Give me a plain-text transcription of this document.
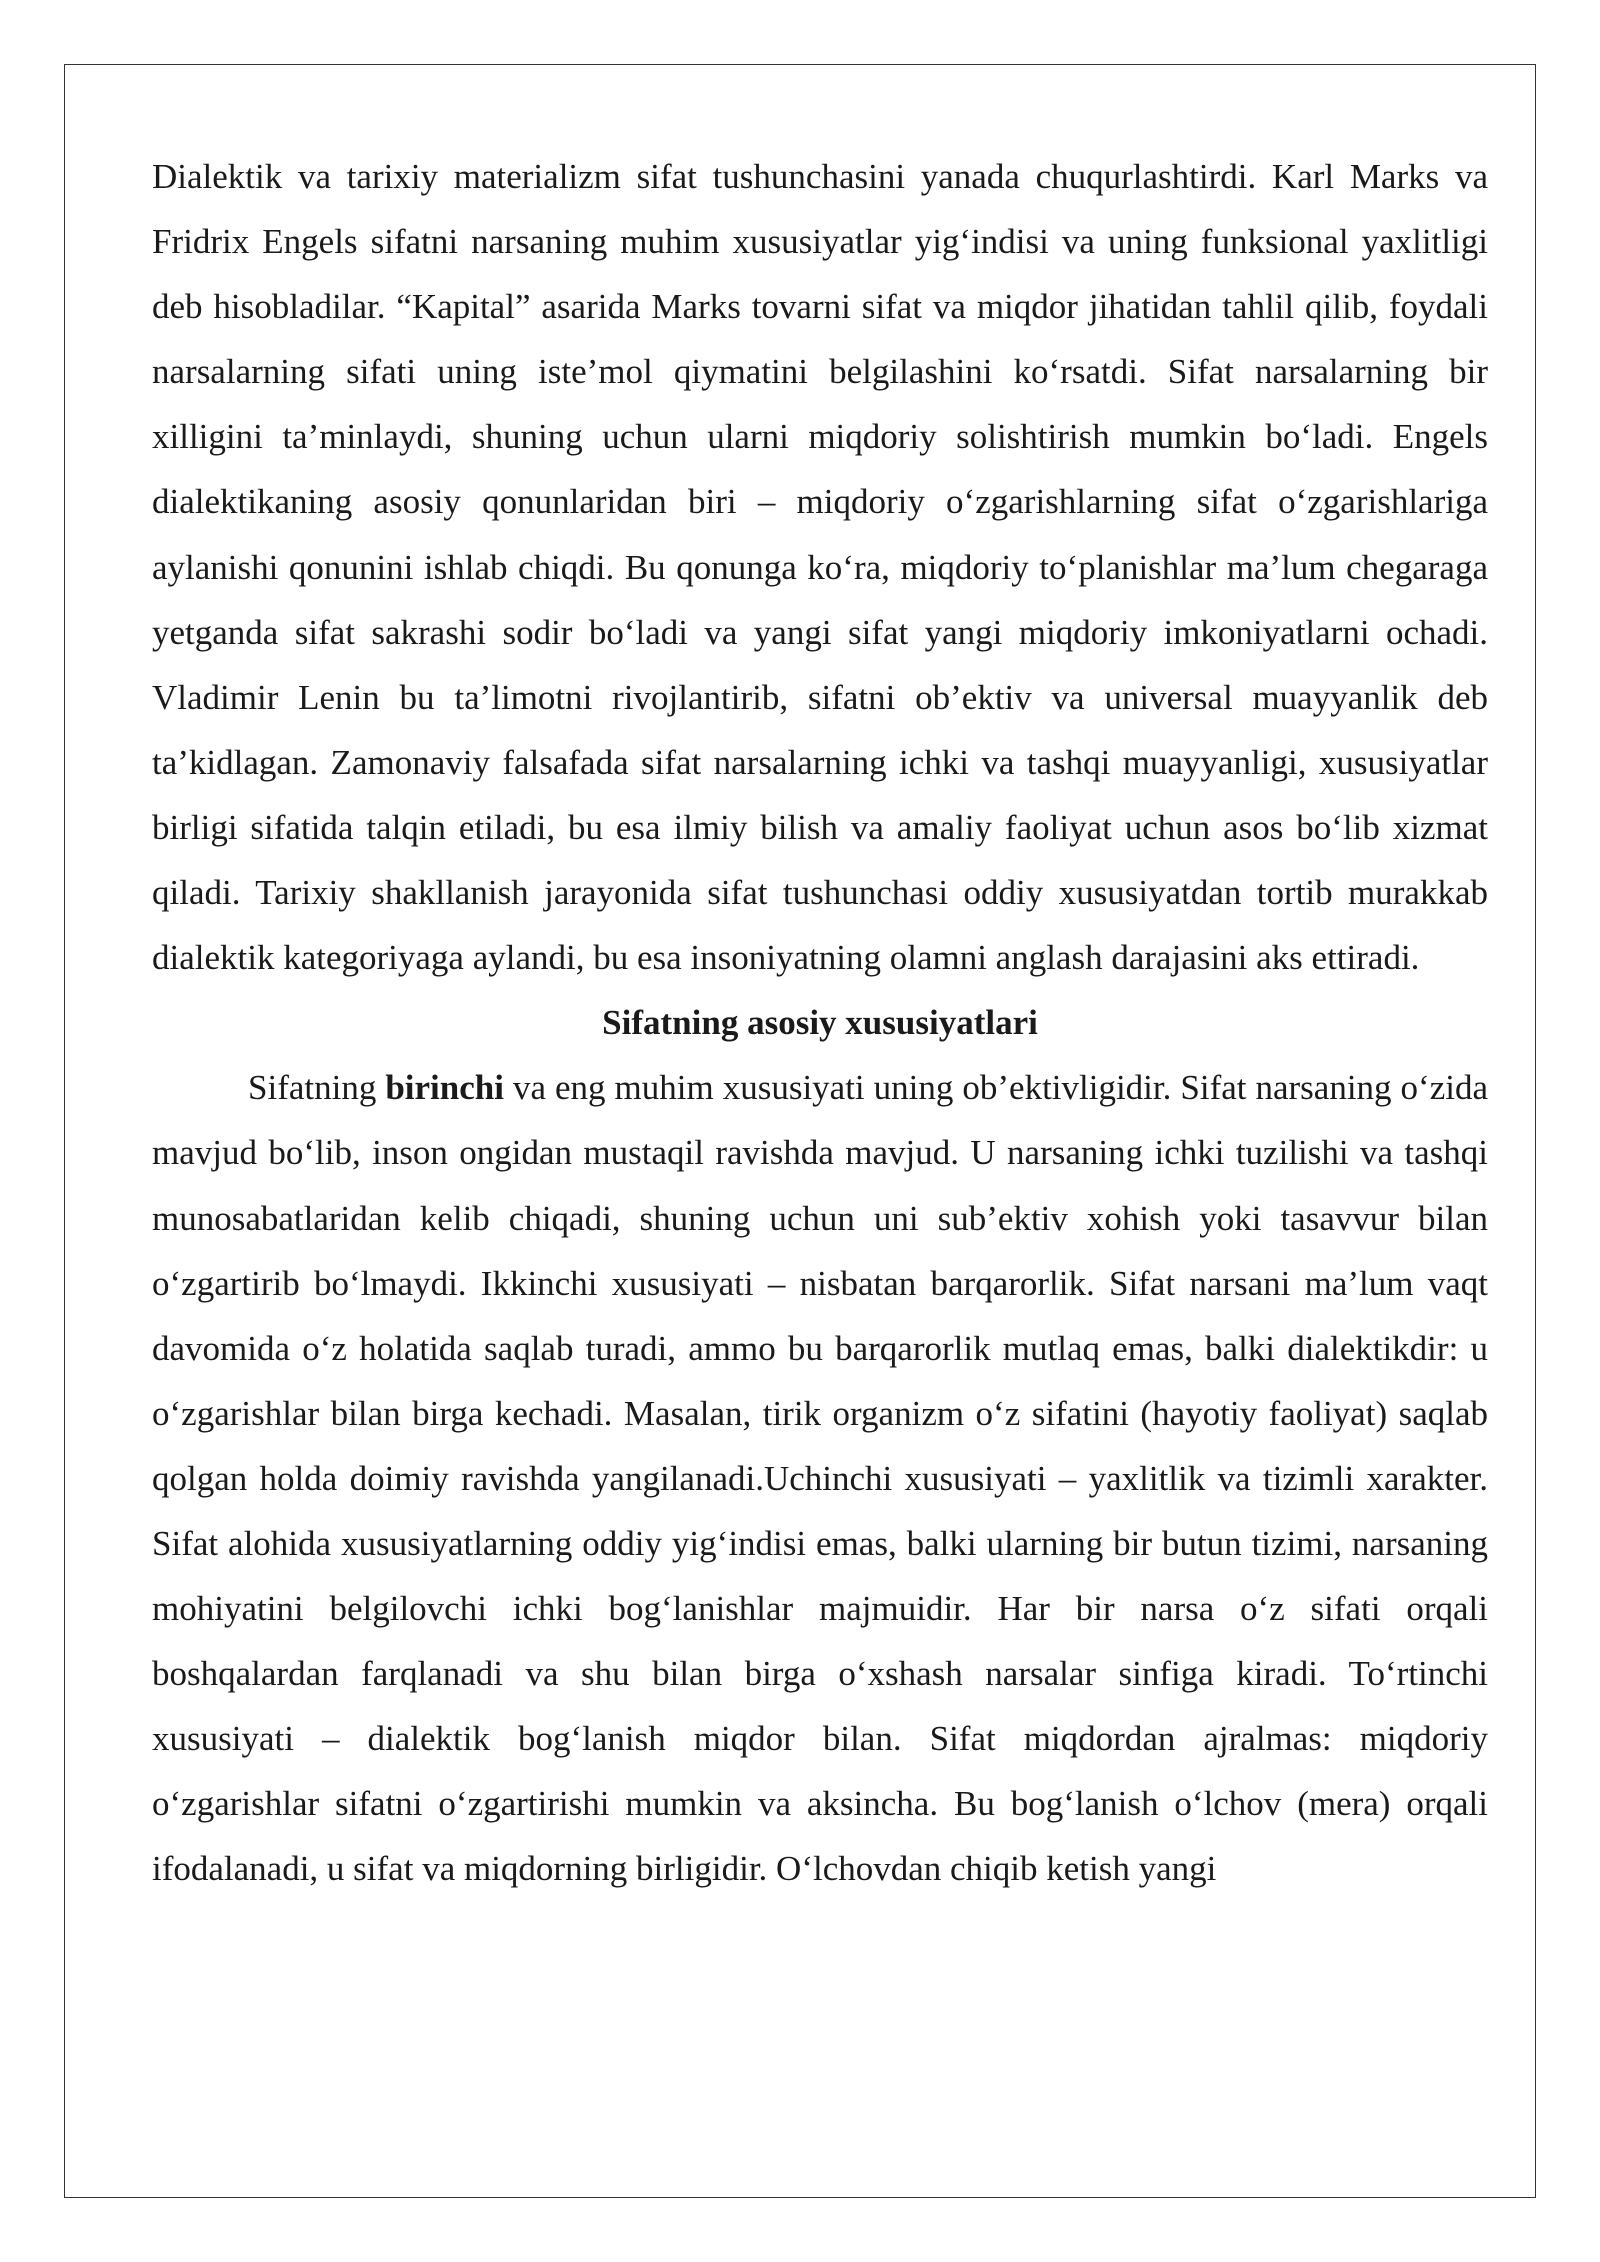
Dialektik va tarixiy materializm sifat tushunchasini yanada chuqurlashtirdi. Karl Marks va Fridrix Engels sifatni narsaning muhim xususiyatlar yig‘indisi va uning funksional yaxlitligi deb hisobladilar. “Kapital” asarida Marks tovarni sifat va miqdor jihatidan tahlil qilib, foydali narsalarning sifati uning iste’mol qiymatini belgilashini ko‘rsatdi. Sifat narsalarning bir xilligini ta’minlaydi, shuning uchun ularni miqdoriy solishtirish mumkin bo‘ladi. Engels dialektikaning asosiy qonunlaridan biri – miqdoriy o‘zgarishlarning sifat o‘zgarishlariga aylanishi qonunini ishlab chiqdi. Bu qonunga ko‘ra, miqdoriy to‘planishlar ma’lum chegaraga yetganda sifat sakrashi sodir bo‘ladi va yangi sifat yangi miqdoriy imkoniyatlarni ochadi. Vladimir Lenin bu ta’limotni rivojlantirib, sifatni ob’ektiv va universal muayyanlik deb ta’kidlagan. Zamonaviy falsafada sifat narsalarning ichki va tashqi muayyanligi, xususiyatlar birligi sifatida talqin etiladi, bu esa ilmiy bilish va amaliy faoliyat uchun asos bo‘lib xizmat qiladi. Tarixiy shakllanish jarayonida sifat tushunchasi oddiy xususiyatdan tortib murakkab dialektik kategoriyaga aylandi, bu esa insoniyatning olamni anglash darajasini aks ettiradi.

Sifatning asosiy xususiyatlari

Sifatning birinchi va eng muhim xususiyati uning ob’ektivligidir. Sifat narsaning o‘zida mavjud bo‘lib, inson ongidan mustaqil ravishda mavjud. U narsaning ichki tuzilishi va tashqi munosabatlaridan kelib chiqadi, shuning uchun uni sub’ektiv xohish yoki tasavvur bilan o‘zgartirib bo‘lmaydi. Ikkinchi xususiyati – nisbatan barqarorlik. Sifat narsani ma’lum vaqt davomida o‘z holatida saqlab turadi, ammo bu barqarorlik mutlaq emas, balki dialektikdir: u o‘zgarishlar bilan birga kechadi. Masalan, tirik organizm o‘z sifatini (hayotiy faoliyat) saqlab qolgan holda doimiy ravishda yangilanadi.Uchinchi xususiyati – yaxlitlik va tizimli xarakter. Sifat alohida xususiyatlarning oddiy yig‘indisi emas, balki ularning bir butun tizimi, narsaning mohiyatini belgilovchi ichki bog‘lanishlar majmuidir. Har bir narsa o‘z sifati orqali boshqalardan farqlanadi va shu bilan birga o‘xshash narsalar sinfiga kiradi. To‘rtinchi xususiyati – dialektik bog‘lanish miqdor bilan. Sifat miqdordan ajralmas: miqdoriy o‘zgarishlar sifatni o‘zgartirishi mumkin va aksincha. Bu bog‘lanish o‘lchov (mera) orqali ifodalanadi, u sifat va miqdorning birligidir. O‘lchovdan chiqib ketish yangi
